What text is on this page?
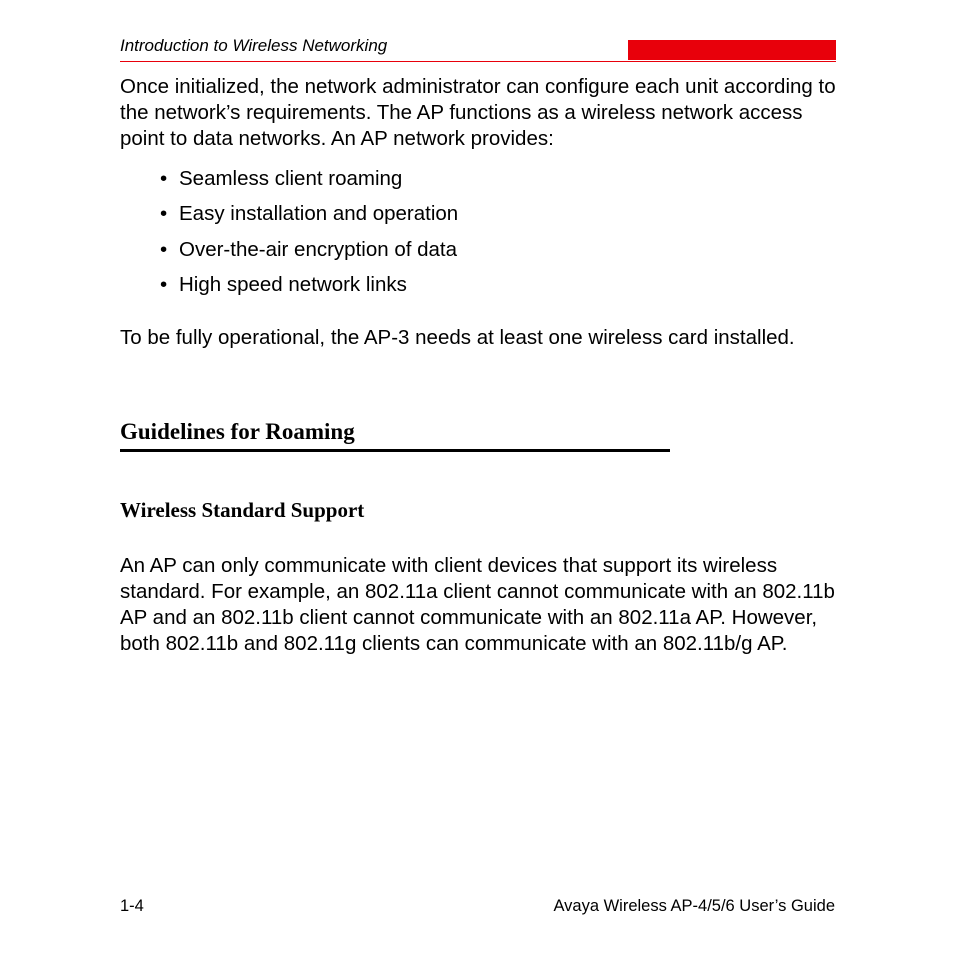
Introduction to Wireless Networking

Once initialized, the network administrator can configure each unit according to the network’s requirements. The AP functions as a wireless network access point to data networks. An AP network provides:

• Seamless client roaming
• Easy installation and operation
• Over-the-air encryption of data
• High speed network links

To be fully operational, the AP-3 needs at least one wireless card installed.

Guidelines for Roaming
Wireless Standard Support

An AP can only communicate with client devices that support its wireless standard. For example, an 802.11a client cannot communicate with an 802.11b AP and an 802.11b client cannot communicate with an 802.11a AP. However, both 802.11b and 802.11g clients can communicate with an 802.11b/g AP.

1-4	Avaya Wireless AP-4/5/6 User’s Guide
